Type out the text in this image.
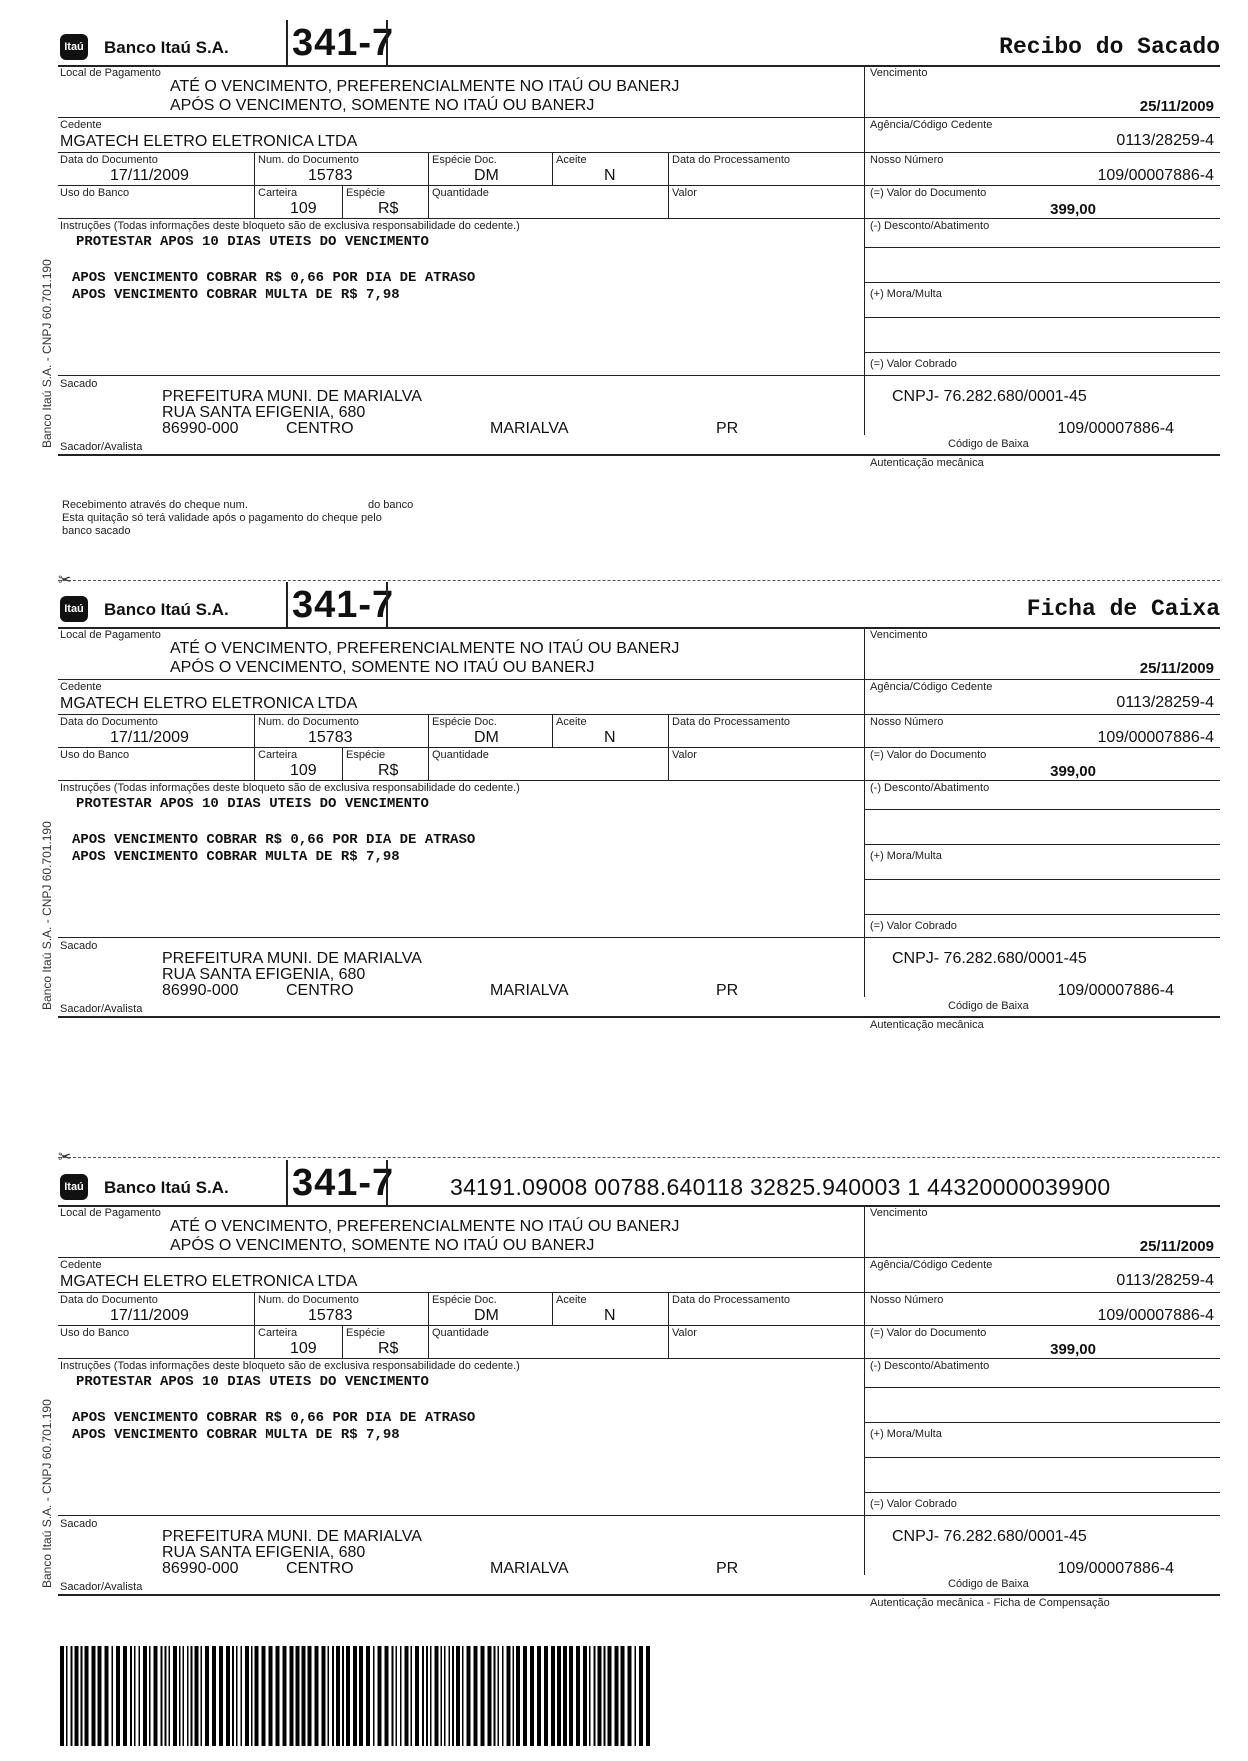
Itaú Banco Itaú S.A. 341-7	Recibo do Sacado
Local de Pagamento
ATÉ O VENCIMENTO, PREFERENCIALMENTE NO ITAÚ OU BANERJ
APÓS O VENCIMENTO, SOMENTE NO ITAÚ OU BANERJ
Vencimento
25/11/2009
Cedente
MGATECH ELETRO ELETRONICA LTDA
Agência/Código Cedente
0113/28259-4
Data do Documento
17/11/2009
Num. do Documento
15783
Espécie Doc.
DM
Aceite
N
Data do Processamento	Nosso Número
109/00007886-4
Uso do Banco	Carteira
109
Espécie
R$
Quantidade	Valor	(=) Valor do Documento
399,00
Instruções (Todas informações deste bloqueto são de exclusiva responsabilidade do cedente.)
PROTESTAR APOS 10 DIAS UTEIS DO VENCIMENTO
APOS VENCIMENTO COBRAR R$ 0,66 POR DIA DE ATRASO
APOS VENCIMENTO COBRAR MULTA DE R$ 7,98
(-) Desconto/Abatimento
(+) Mora/Multa
(=) Valor Cobrado
Sacado
PREFEITURA MUNI. DE MARIALVA
RUA SANTA EFIGENIA, 680
86990-000	CENTRO	MARIALVA	PR
CNPJ- 76.282.680/0001-45
109/00007886-4
Sacador/Avalista	Código de Baixa
Autenticação mecânica
Banco Itaú S.A. - CNPJ 60.701.190
Itaú Banco Itaú S.A. 341-7	Ficha de Caixa
Local de Pagamento
ATÉ O VENCIMENTO, PREFERENCIALMENTE NO ITAÚ OU BANERJ
APÓS O VENCIMENTO, SOMENTE NO ITAÚ OU BANERJ
Vencimento
25/11/2009
Cedente
MGATECH ELETRO ELETRONICA LTDA
Agência/Código Cedente
0113/28259-4
Data do Documento
17/11/2009
Num. do Documento
15783
Espécie Doc.
DM
Aceite
N
Data do Processamento	Nosso Número
109/00007886-4
Uso do Banco	Carteira
109
Espécie
R$
Quantidade	Valor	(=) Valor do Documento
399,00
Instruções (Todas informações deste bloqueto são de exclusiva responsabilidade do cedente.)
PROTESTAR APOS 10 DIAS UTEIS DO VENCIMENTO
APOS VENCIMENTO COBRAR R$ 0,66 POR DIA DE ATRASO
APOS VENCIMENTO COBRAR MULTA DE R$ 7,98
(-) Desconto/Abatimento
(+) Mora/Multa
(=) Valor Cobrado
Sacado
PREFEITURA MUNI. DE MARIALVA
RUA SANTA EFIGENIA, 680
86990-000	CENTRO	MARIALVA	PR
CNPJ- 76.282.680/0001-45
109/00007886-4
Sacador/Avalista	Código de Baixa
Autenticação mecânica
Banco Itaú S.A. - CNPJ 60.701.190
Itaú Banco Itaú S.A. 341-7 34191.09008 00788.640118 32825.940003 1 44320000039900
Local de Pagamento
ATÉ O VENCIMENTO, PREFERENCIALMENTE NO ITAÚ OU BANERJ
APÓS O VENCIMENTO, SOMENTE NO ITAÚ OU BANERJ
Vencimento
25/11/2009
Cedente
MGATECH ELETRO ELETRONICA LTDA
Agência/Código Cedente
0113/28259-4
Data do Documento
17/11/2009
Num. do Documento
15783
Espécie Doc.
DM
Aceite
N
Data do Processamento	Nosso Número
109/00007886-4
Uso do Banco	Carteira
109
Espécie
R$
Quantidade	Valor	(=) Valor do Documento
399,00
Instruções (Todas informações deste bloqueto são de exclusiva responsabilidade do cedente.)
PROTESTAR APOS 10 DIAS UTEIS DO VENCIMENTO
APOS VENCIMENTO COBRAR R$ 0,66 POR DIA DE ATRASO
APOS VENCIMENTO COBRAR MULTA DE R$ 7,98
(-) Desconto/Abatimento
(+) Mora/Multa
(=) Valor Cobrado
Sacado
PREFEITURA MUNI. DE MARIALVA
RUA SANTA EFIGENIA, 680
86990-000	CENTRO	MARIALVA	PR
CNPJ- 76.282.680/0001-45
109/00007886-4
Sacador/Avalista	Código de Baixa
Autenticação mecânica - Ficha de Compensação
Banco Itaú S.A. - CNPJ 60.701.190
Recebimento através do cheque num.	do banco
Esta quitação só terá validade após o pagamento do cheque pelo
banco sacado
✂
✂
